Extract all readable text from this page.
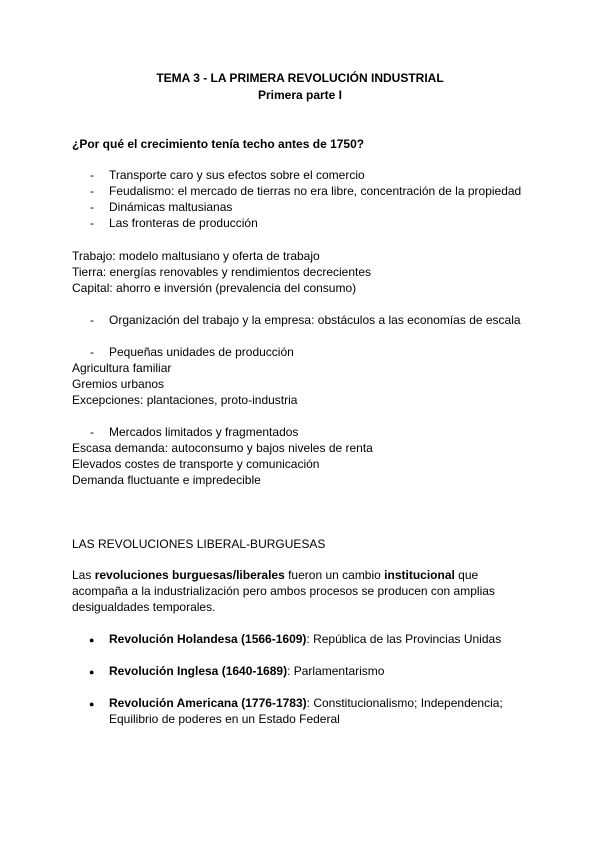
TEMA 3 - LA PRIMERA REVOLUCIÓN INDUSTRIAL
Primera parte I
¿Por qué el crecimiento tenía techo antes de 1750?
- Transporte caro y sus efectos sobre el comercio
- Feudalismo: el mercado de tierras no era libre, concentración de la propiedad
- Dinámicas maltusianas
- Las fronteras de producción
Trabajo: modelo maltusiano y oferta de trabajo
Tierra: energías renovables y rendimientos decrecientes
Capital: ahorro e inversión (prevalencia del consumo)
- Organización del trabajo y la empresa: obstáculos a las economías de escala
- Pequeñas unidades de producción
Agricultura familiar
Gremios urbanos
Excepciones: plantaciones, proto-industria
- Mercados limitados y fragmentados
Escasa demanda: autoconsumo y bajos niveles de renta
Elevados costes de transporte y comunicación
Demanda fluctuante e impredecible
LAS REVOLUCIONES LIBERAL-BURGUESAS
Las revoluciones burguesas/liberales fueron un cambio institucional que
acompaña a la industrialización pero ambos procesos se producen con amplias
desigualdades temporales.
● Revolución Holandesa (1566-1609): República de las Provincias Unidas
● Revolución Inglesa (1640-1689): Parlamentarismo
● Revolución Americana (1776-1783): Constitucionalismo; Independencia;
Equilibrio de poderes en un Estado Federal
